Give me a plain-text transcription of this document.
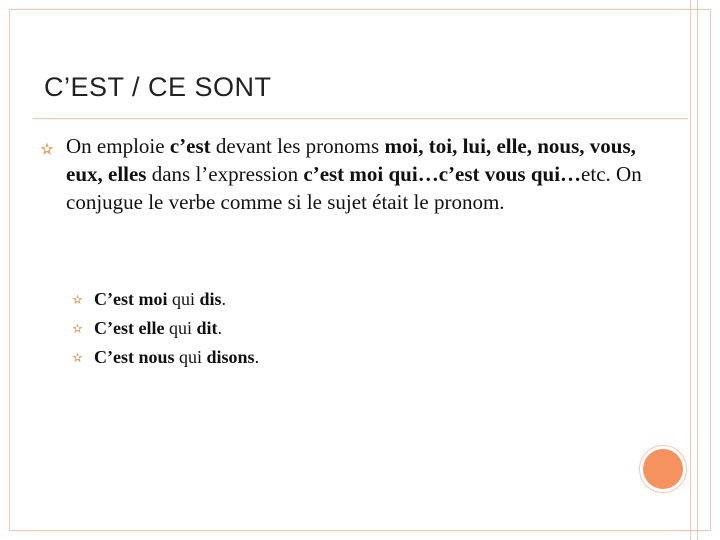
C’EST / CE SONT
On emploie c’est devant les pronoms moi, toi, lui, elle, nous, vous, eux, elles dans l’expression c’est moi qui…c’est vous qui…etc. On conjugue le verbe comme si le sujet était le pronom.
C’est moi qui dis.
C’est elle qui dit.
C’est nous qui disons.
